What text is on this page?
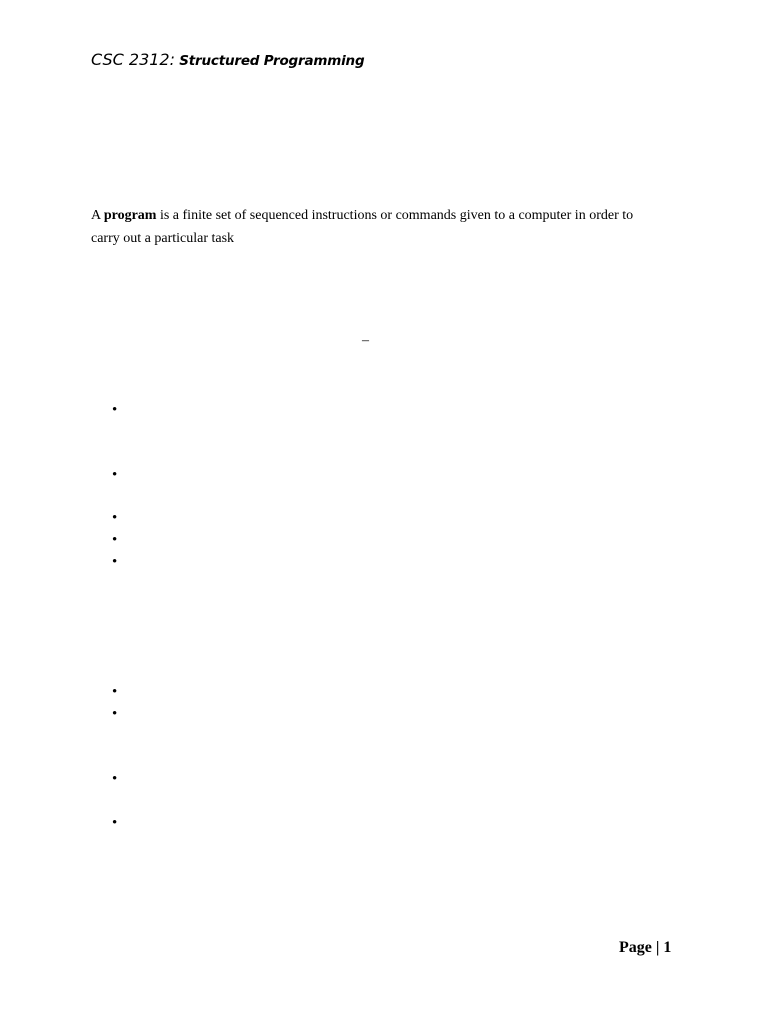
CSC 2312: Structured Programming
A program is a finite set of sequenced instructions or commands given to a computer in order to
carry out a particular task
–
•
•
•
•
•
•
•
•
•
Page | 1
